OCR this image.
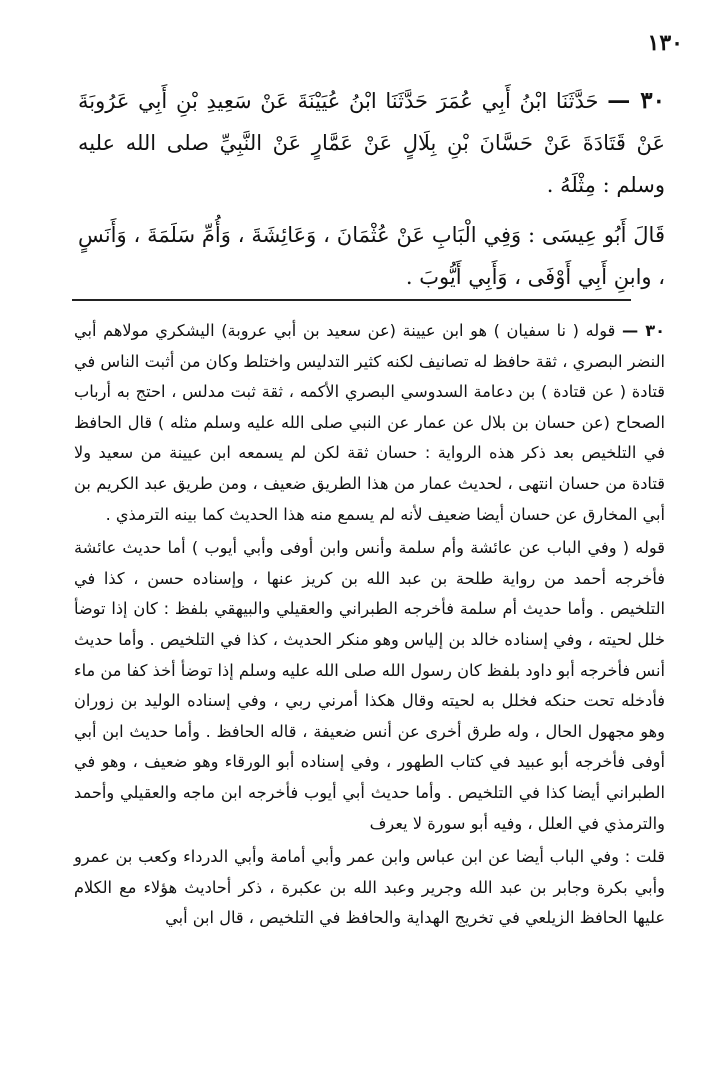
١٣٠

٣٠ — حَدَّثَنَا ابْنُ أَبِي عُمَرَ حَدَّثَنَا ابْنُ عُيَيْنَةَ عَنْ سَعِيدِ بْنِ أَبِي عَرُوبَةَ عَنْ قَتَادَةَ عَنْ حَسَّانَ بْنِ بِلَالٍ عَنْ عَمَّارٍ عَنْ النَّبِيِّ صلى الله عليه وسلم : مِثْلَهُ .

قَالَ أَبُو عِيسَى : وَفِي الْبَابِ عَنْ عُثْمَانَ ، وَعَائِشَةَ ، وَأُمِّ سَلَمَةَ ، وَأَنَسٍ ، وابنِ أَبِي أَوْفَى ، وَأَبِي أَيُّوبَ .

٣٠ — قوله ( نا سفيان ) هو ابن عيينة (عن سعيد بن أبي عروبة) اليشكري مولاهم أبي النضر البصري ، ثقة حافظ له تصانيف لكنه كثير التدليس واختلط وكان من أثبت الناس في قتادة ( عن قتادة ) بن دعامة السدوسي البصري الأكمه ، ثقة ثبت مدلس ، احتج به أرباب الصحاح (عن حسان بن بلال عن عمار عن النبي صلى الله عليه وسلم مثله ) قال الحافظ في التلخيص بعد ذكر هذه الرواية : حسان ثقة لكن لم يسمعه ابن عيينة من سعيد ولا قتادة من حسان انتهى ، لحديث عمار من هذا الطريق ضعيف ، ومن طريق عبد الكريم بن أبي المخارق عن حسان أيضا ضعيف لأنه لم يسمع منه هذا الحديث كما بينه الترمذي .

قوله ( وفي الباب عن عائشة وأم سلمة وأنس وابن أوفى وأبي أيوب ) أما حديث عائشة فأخرجه أحمد من رواية طلحة بن عبد الله بن كريز عنها ، وإسناده حسن ، كذا في التلخيص . وأما حديث أم سلمة فأخرجه الطبراني والعقيلي والبيهقي بلفظ : كان إذا توضأ خلل لحيته ، وفي إسناده خالد بن إلياس وهو منكر الحديث ، كذا في التلخيص . وأما حديث أنس فأخرجه أبو داود بلفظ كان رسول الله صلى الله عليه وسلم إذا توضأ أخذ كفا من ماء فأدخله تحت حنكه فخلل به لحيته وقال هكذا أمرني ربي ، وفي إسناده الوليد بن زوران وهو مجهول الحال ، وله طرق أخرى عن أنس ضعيفة ، قاله الحافظ . وأما حديث ابن أبي أوفى فأخرجه أبو عبيد في كتاب الطهور ، وفي إسناده أبو الورقاء وهو ضعيف ، وهو في الطبراني أيضا كذا في التلخيص . وأما حديث أبي أيوب فأخرجه ابن ماجه والعقيلي وأحمد والترمذي في العلل ، وفيه أبو سورة لا يعرف

قلت : وفي الباب أيضا عن ابن عباس وابن عمر وأبي أمامة وأبي الدرداء وكعب بن عمرو وأبي بكرة وجابر بن عبد الله وجرير وعبد الله بن عكبرة ، ذكر أحاديث هؤلاء مع الكلام عليها الحافظ الزيلعي في تخريج الهداية والحافظ في التلخيص ، قال ابن أبي
